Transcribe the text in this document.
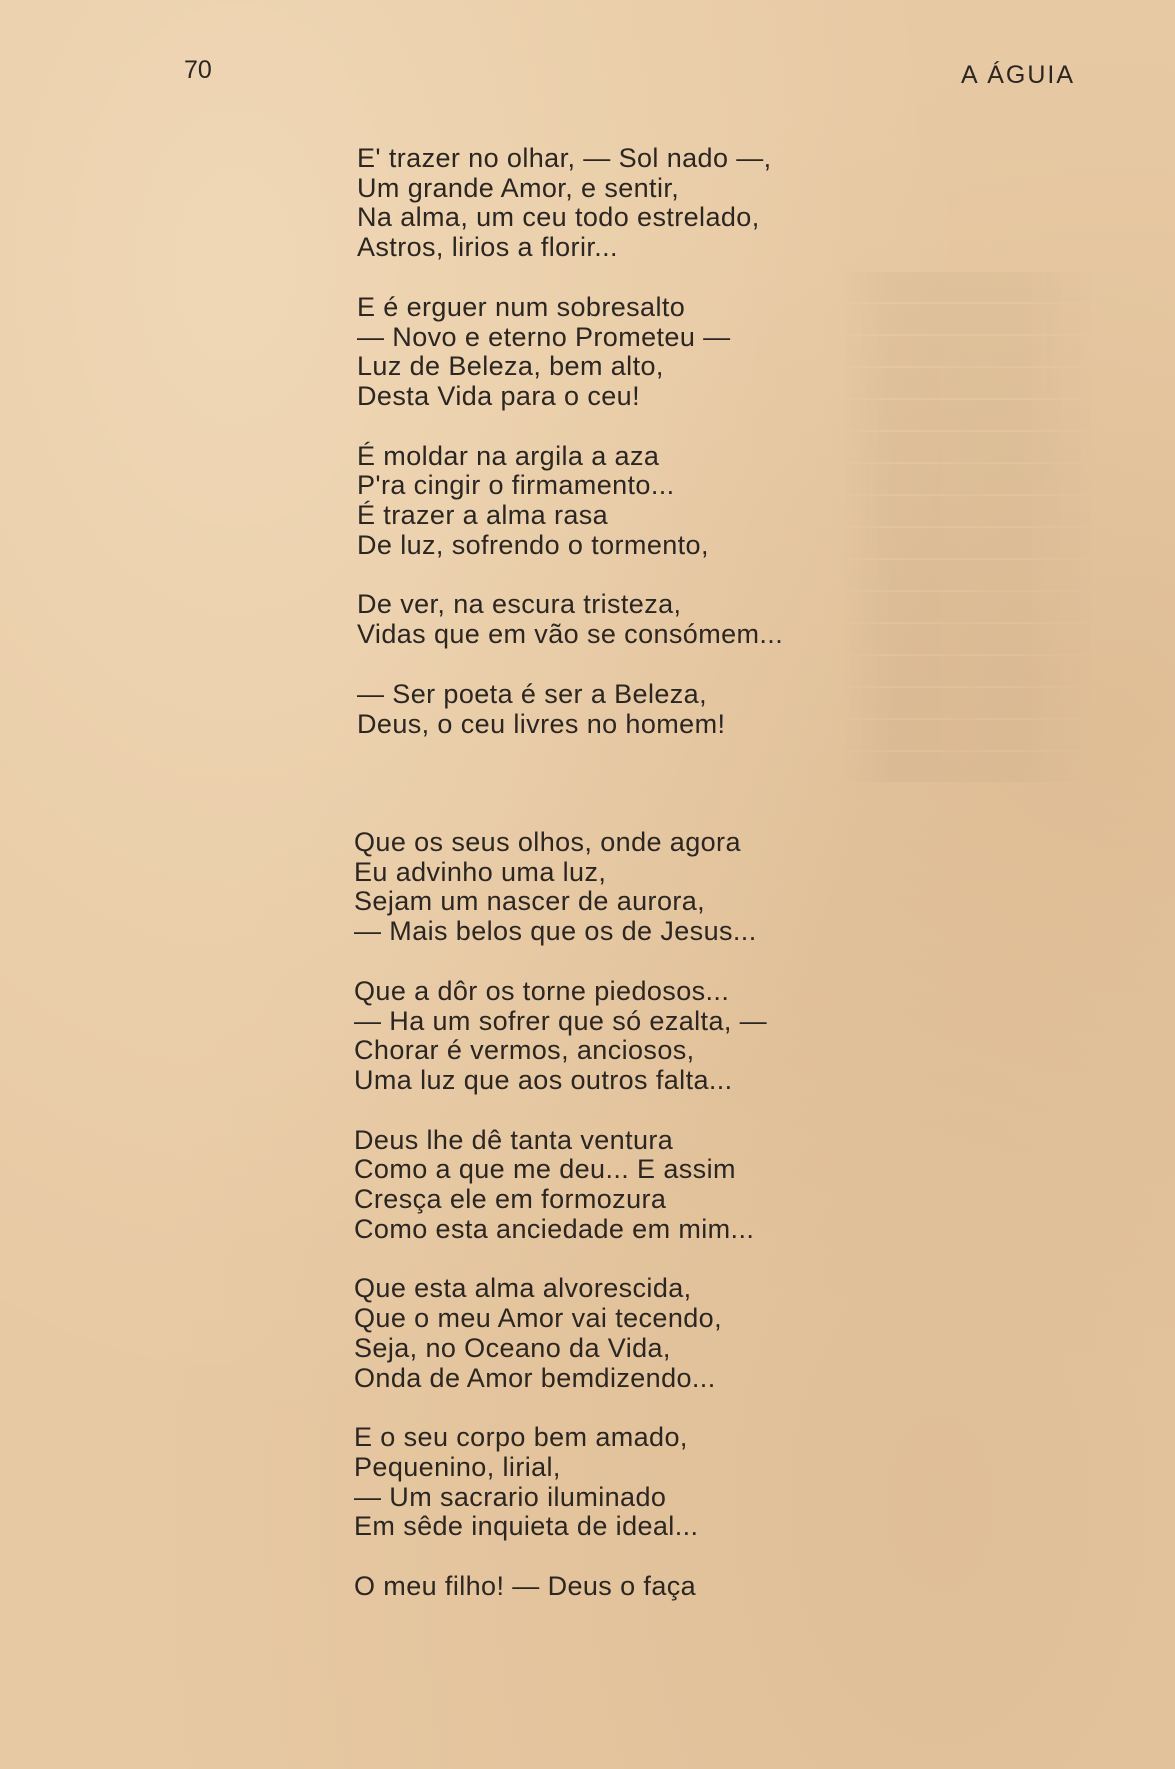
70	A ÁGUIA
E' trazer no olhar, — Sol nado —,
Um grande Amor, e sentir,
Na alma, um ceu todo estrelado,
Astros, lirios a florir...
E é erguer num sobresalto
— Novo e eterno Prometeu —
Luz de Beleza, bem alto,
Desta Vida para o ceu!
É moldar na argila a aza
P'ra cingir o firmamento...
É trazer a alma rasa
De luz, sofrendo o tormento,
De ver, na escura tristeza,
Vidas que em vão se consómem...
— Ser poeta é ser a Beleza,
Deus, o ceu livres no homem!
Que os seus olhos, onde agora
Eu advinho uma luz,
Sejam um nascer de aurora,
— Mais belos que os de Jesus...
Que a dôr os torne piedosos...
— Ha um sofrer que só ezalta, —
Chorar é vermos, anciosos,
Uma luz que aos outros falta...
Deus lhe dê tanta ventura
Como a que me deu... E assim
Cresça ele em formozura
Como esta anciedade em mim...
Que esta alma alvorescida,
Que o meu Amor vai tecendo,
Seja, no Oceano da Vida,
Onda de Amor bemdizendo...
E o seu corpo bem amado,
Pequenino, lirial,
— Um sacrario iluminado
Em sêde inquieta de ideal...
O meu filho! — Deus o faça
